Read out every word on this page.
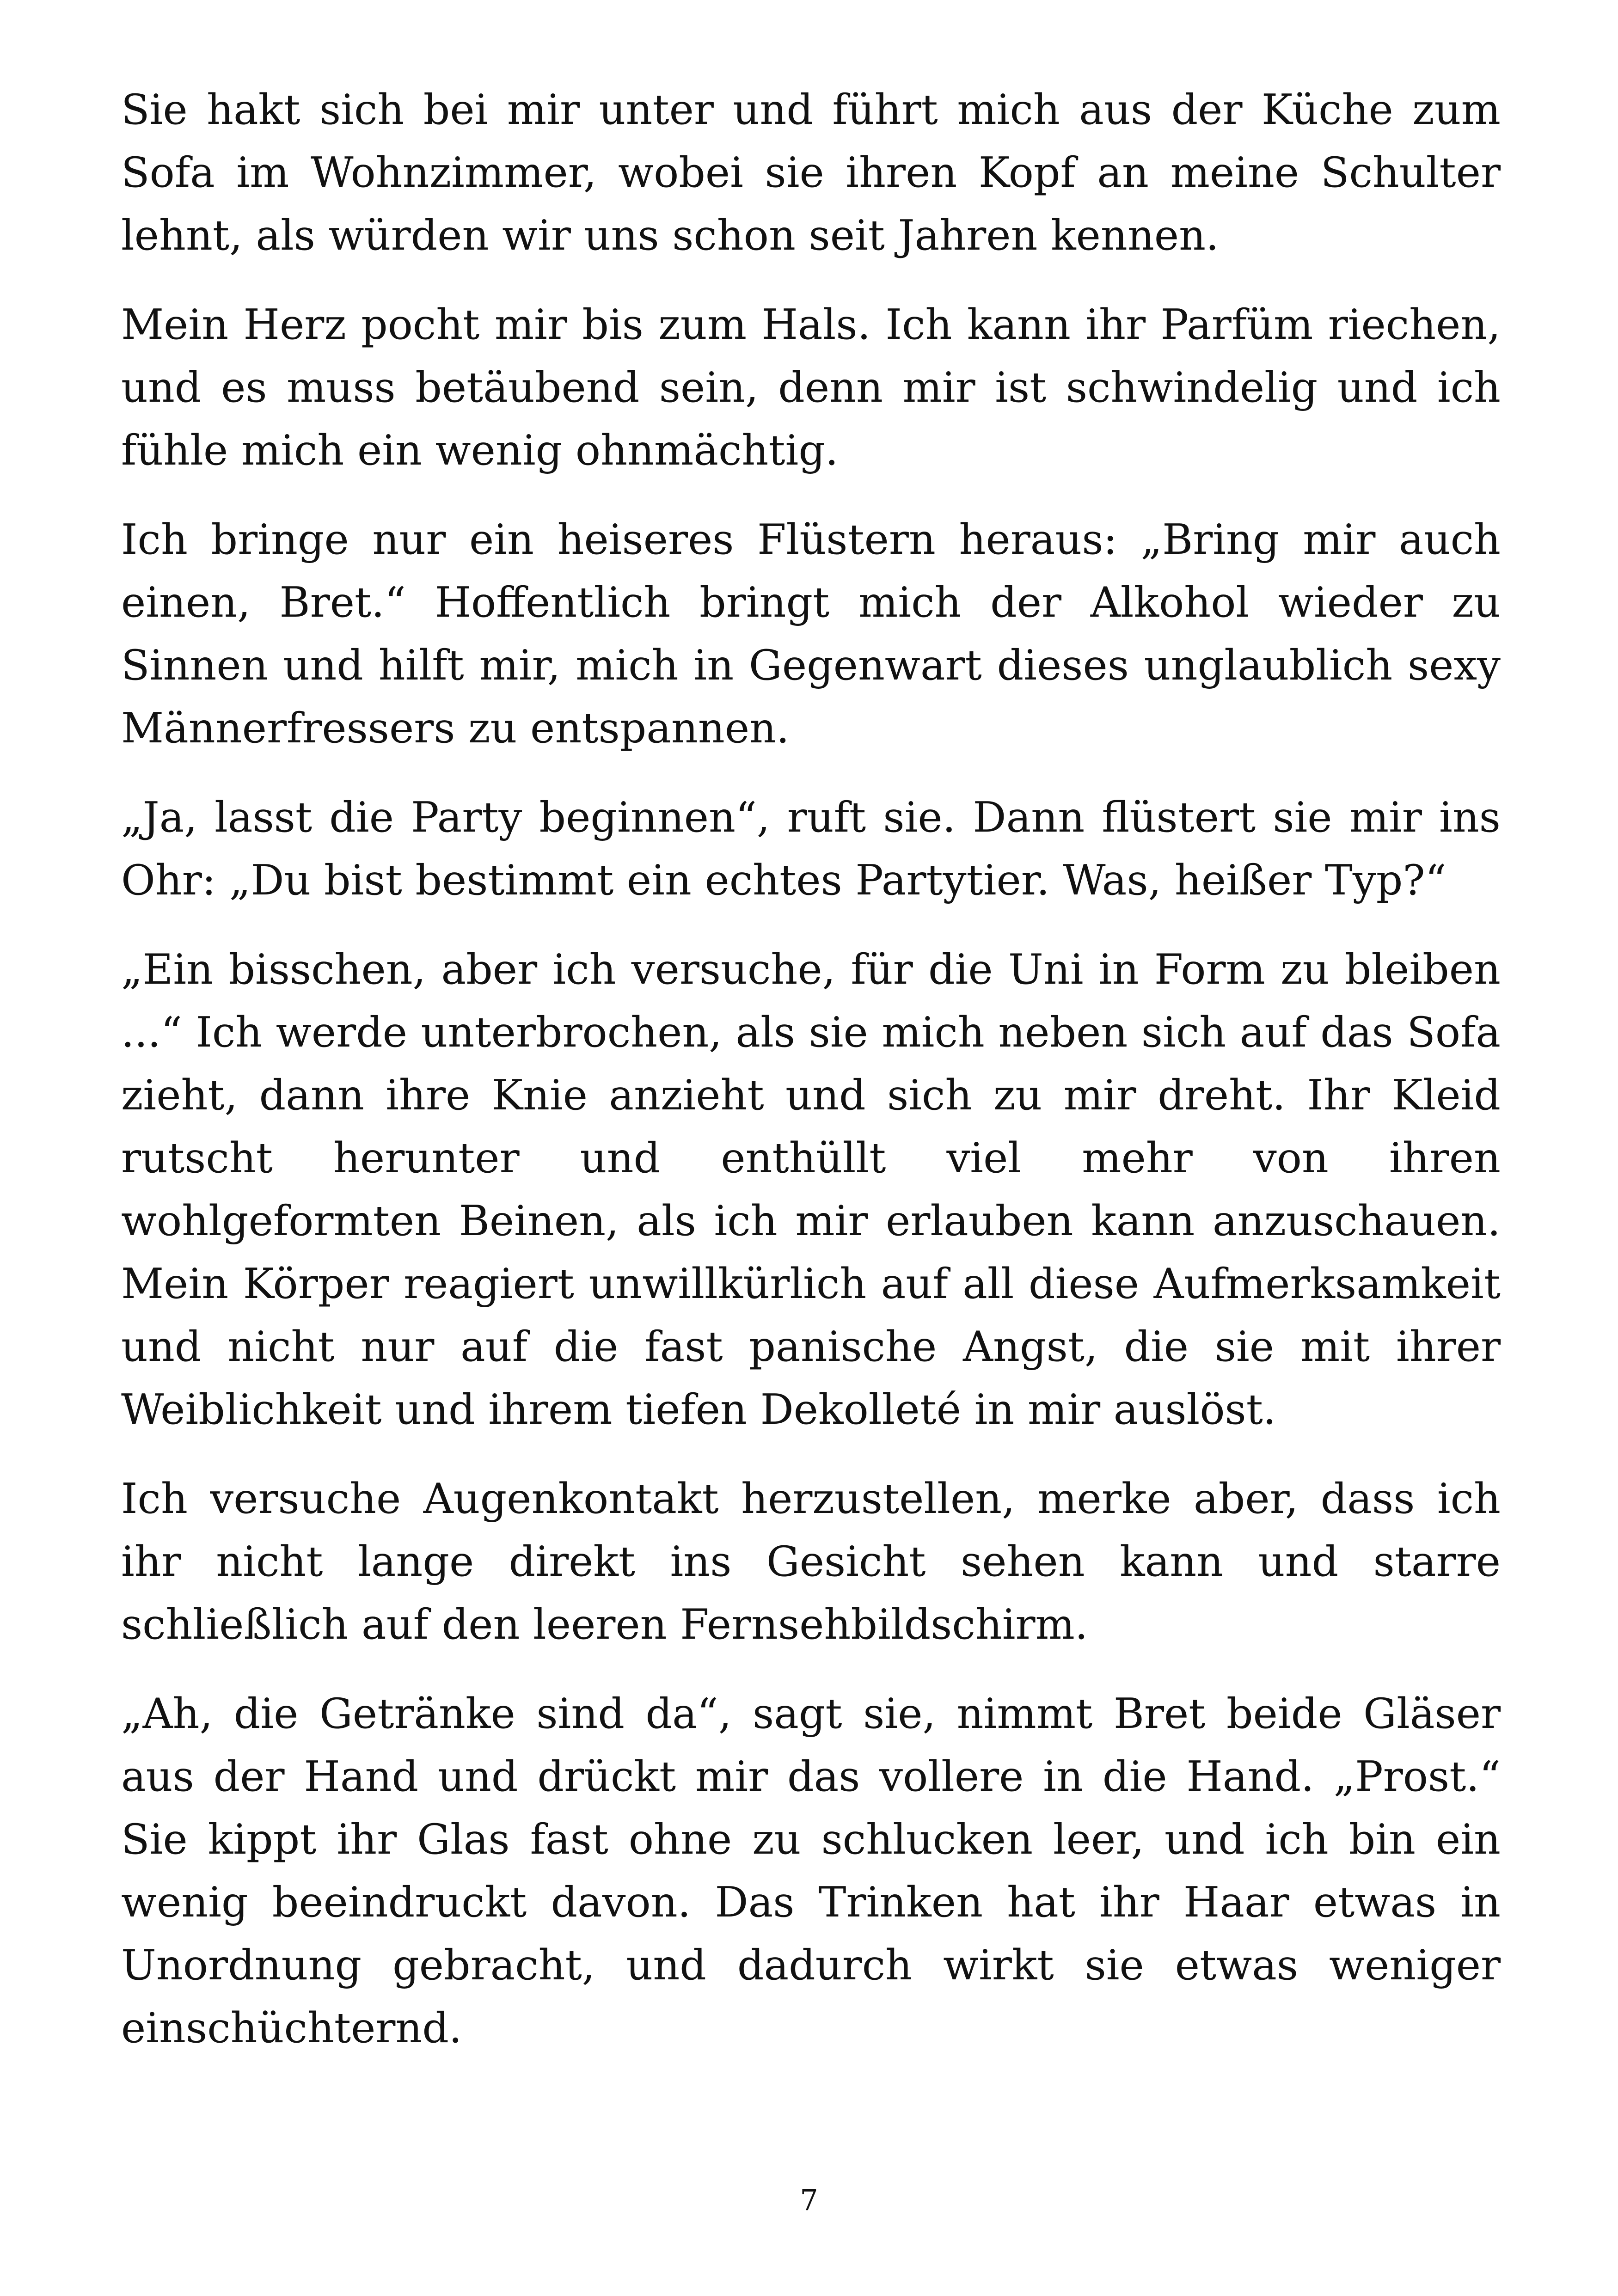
Sie hakt sich bei mir unter und führt mich aus der Küche zum Sofa im Wohnzimmer, wobei sie ihren Kopf an meine Schulter lehnt, als würden wir uns schon seit Jahren kennen.

Mein Herz pocht mir bis zum Hals. Ich kann ihr Parfüm riechen, und es muss betäubend sein, denn mir ist schwindelig und ich fühle mich ein wenig ohnmächtig.

Ich bringe nur ein heiseres Flüstern heraus: „Bring mir auch einen, Bret.“ Hoffentlich bringt mich der Alkohol wieder zu Sinnen und hilft mir, mich in Gegenwart dieses unglaublich sexy Männerfressers zu entspannen.

„Ja, lasst die Party beginnen“, ruft sie. Dann flüstert sie mir ins Ohr: „Du bist bestimmt ein echtes Partytier. Was, heißer Typ?“

„Ein bisschen, aber ich versuche, für die Uni in Form zu bleiben ...“ Ich werde unterbrochen, als sie mich neben sich auf das Sofa zieht, dann ihre Knie anzieht und sich zu mir dreht. Ihr Kleid rutscht herunter und enthüllt viel mehr von ihren wohlgeformten Beinen, als ich mir erlauben kann anzuschauen. Mein Körper reagiert unwillkürlich auf all diese Aufmerksamkeit und nicht nur auf die fast panische Angst, die sie mit ihrer Weiblichkeit und ihrem tiefen Dekolleté in mir auslöst.

Ich versuche Augenkontakt herzustellen, merke aber, dass ich ihr nicht lange direkt ins Gesicht sehen kann und starre schließlich auf den leeren Fernsehbildschirm.

„Ah, die Getränke sind da“, sagt sie, nimmt Bret beide Gläser aus der Hand und drückt mir das vollere in die Hand. „Prost.“ Sie kippt ihr Glas fast ohne zu schlucken leer, und ich bin ein wenig beeindruckt davon. Das Trinken hat ihr Haar etwas in Unordnung gebracht, und dadurch wirkt sie etwas weniger einschüchternd.

7
